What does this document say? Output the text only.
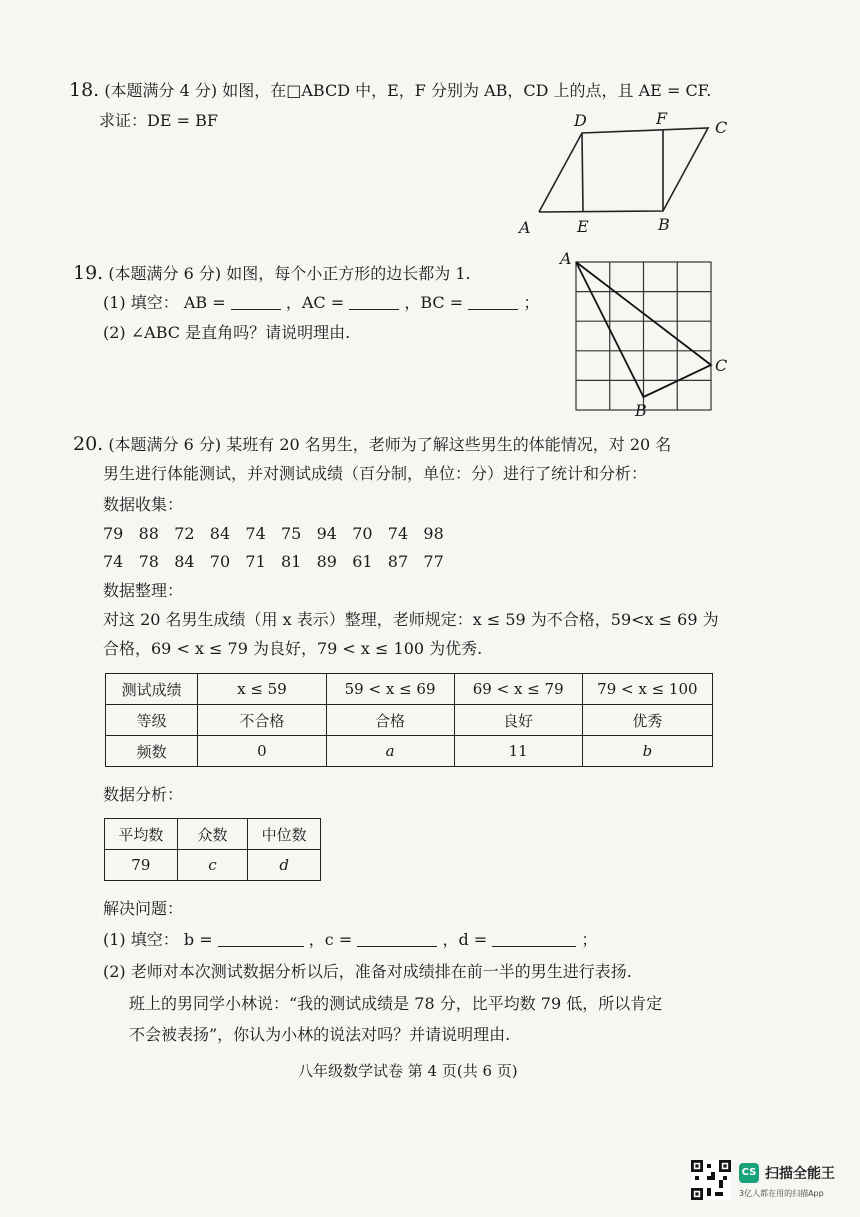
18. (本题满分 4 分) 如图，在□ABCD 中，E，F 分别为 AB，CD 上的点，且 AE = CF.
求证：DE = BF
A
D	F	C
E	B
19. (本题满分 6 分) 如图，每个小正方形的边长都为 1.
(1) 填空： AB =	，AC =	，BC =	；
(2) ∠ABC 是直角吗？请说明理由.
A
C
B
20. (本题满分 6 分) 某班有 20 名男生，老师为了解这些男生的体能情况，对 20 名
男生进行体能测试，并对测试成绩（百分制，单位：分）进行了统计和分析：
数据收集：
79 88 72 84 74 75 94 70 74 98
74 78 84 70 71 81 89 61 87 77
数据整理：
对这 20 名男生成绩（用 x 表示）整理，老师规定：x ≤ 59 为不合格，59<x ≤ 69 为
合格，69 < x ≤ 79 为良好，79 < x ≤ 100 为优秀.
测试成绩	x ≤ 59	59 < x ≤ 69	69 < x ≤ 79	79 < x ≤ 100
等级	不合格	合格	良好	优秀
频数	0	a	11	b
数据分析：
平均数	众数	中位数
79	c	d
解决问题：
(1) 填空： b =	，c =	，d =	；
(2) 老师对本次测试数据分析以后，准备对成绩排在前一半的男生进行表扬.
班上的男同学小林说：“我的测试成绩是 78 分，比平均数 79 低，所以肯定
不会被表扬”，你认为小林的说法对吗？并请说明理由.
八年级数学试卷 第 4 页(共 6 页)
CS 扫描全能王
3亿人都在用的扫描App
